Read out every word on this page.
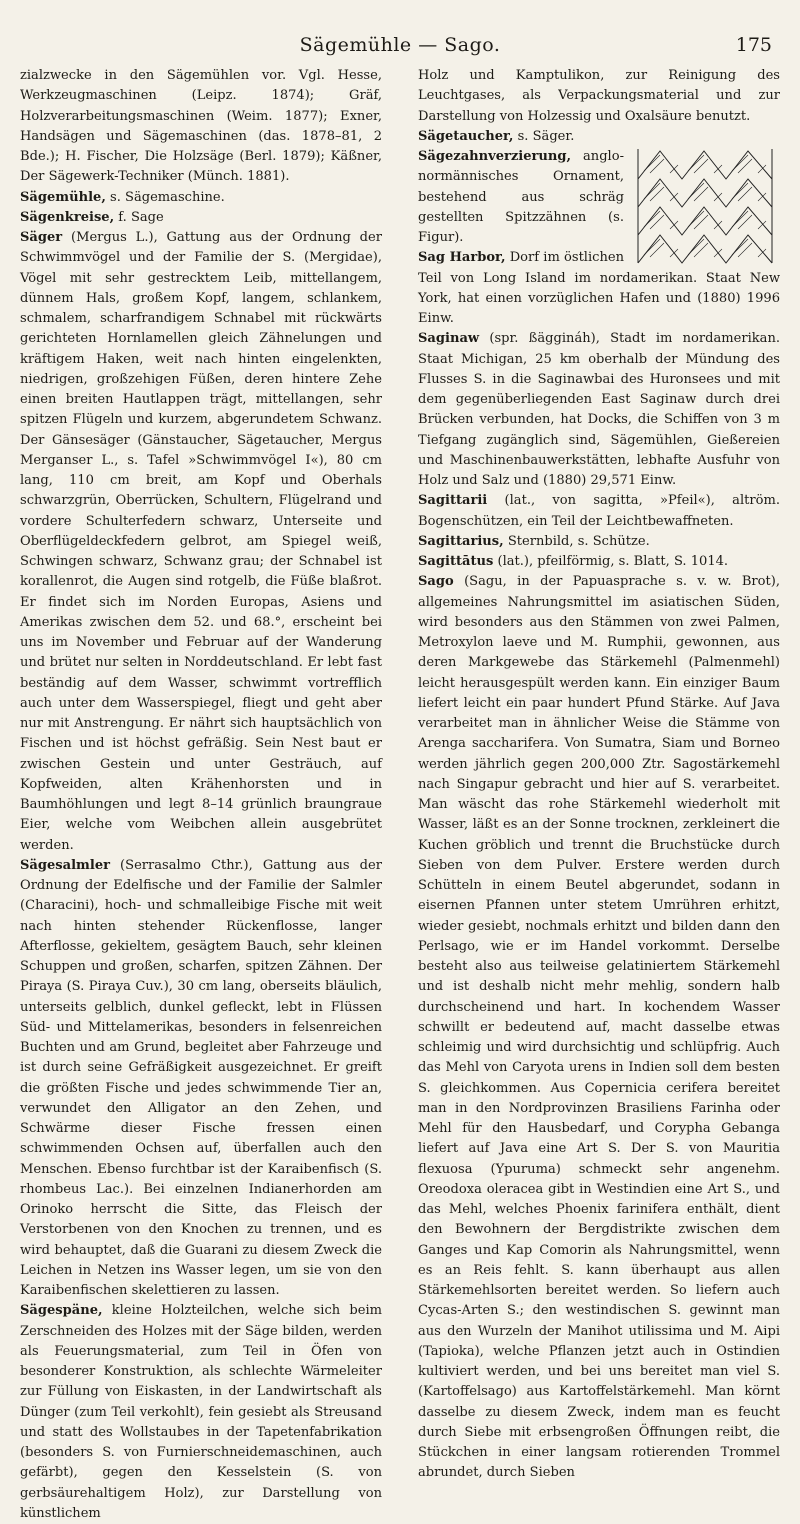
Sägemühle — Sago.	175

zialzwecke in den Sägemühlen vor. Vgl. Hesse, Werkzeugmaschinen (Leipz. 1874); Gräf, Holzverarbeitungsmaschinen (Weim. 1877); Exner, Handsägen und Sägemaschinen (das. 1878–81, 2 Bde.); H. Fischer, Die Holzsäge (Berl. 1879); Käßner, Der Sägewerk-Techniker (Münch. 1881).

Sägemühle, s. Sägemaschine.

Sägenkreise, f. Sage

Säger (Mergus L.), Gattung aus der Ordnung der Schwimmvögel und der Familie der S. (Mergidae), Vögel mit sehr gestrecktem Leib, mittellangem, dünnem Hals, großem Kopf, langem, schlankem, schmalem, scharfrandigem Schnabel mit rückwärts gerichteten Hornlamellen gleich Zähnelungen und kräftigem Haken, weit nach hinten eingelenkten, niedrigen, großzehigen Füßen, deren hintere Zehe einen breiten Hautlappen trägt, mittellangen, sehr spitzen Flügeln und kurzem, abgerundetem Schwanz. Der Gänsesäger (Gänstaucher, Sägetaucher, Mergus Merganser L., s. Tafel »Schwimmvögel I«), 80 cm lang, 110 cm breit, am Kopf und Oberhals schwarzgrün, Oberrücken, Schultern, Flügelrand und vordere Schulterfedern schwarz, Unterseite und Oberflügeldeckfedern gelbrot, am Spiegel weiß, Schwingen schwarz, Schwanz grau; der Schnabel ist korallenrot, die Augen sind rotgelb, die Füße blaßrot. Er findet sich im Norden Europas, Asiens und Amerikas zwischen dem 52. und 68.°, erscheint bei uns im November und Februar auf der Wanderung und brütet nur selten in Norddeutschland. Er lebt fast beständig auf dem Wasser, schwimmt vortrefflich auch unter dem Wasserspiegel, fliegt und geht aber nur mit Anstrengung. Er nährt sich hauptsächlich von Fischen und ist höchst gefräßig. Sein Nest baut er zwischen Gestein und unter Gesträuch, auf Kopfweiden, alten Krähenhorsten und in Baumhöhlungen und legt 8–14 grünlich braungraue Eier, welche vom Weibchen allein ausgebrütet werden.

Sägesalmler (Serrasalmo Cthr.), Gattung aus der Ordnung der Edelfische und der Familie der Salmler (Characini), hoch- und schmalleibige Fische mit weit nach hinten stehender Rückenflosse, langer Afterflosse, gekieltem, gesägtem Bauch, sehr kleinen Schuppen und großen, scharfen, spitzen Zähnen. Der Piraya (S. Piraya Cuv.), 30 cm lang, oberseits bläulich, unterseits gelblich, dunkel gefleckt, lebt in Flüssen Süd- und Mittelamerikas, besonders in felsenreichen Buchten und am Grund, begleitet aber Fahrzeuge und ist durch seine Gefräßigkeit ausgezeichnet. Er greift die größten Fische und jedes schwimmende Tier an, verwundet den Alligator an den Zehen, und Schwärme dieser Fische fressen einen schwimmenden Ochsen auf, überfallen auch den Menschen. Ebenso furchtbar ist der Karaibenfisch (S. rhombeus Lac.). Bei einzelnen Indianerhorden am Orinoko herrscht die Sitte, das Fleisch der Verstorbenen von den Knochen zu trennen, und es wird behauptet, daß die Guarani zu diesem Zweck die Leichen in Netzen ins Wasser legen, um sie von den Karaibenfischen skelettieren zu lassen.

Sägespäne, kleine Holzteilchen, welche sich beim Zerschneiden des Holzes mit der Säge bilden, werden als Feuerungsmaterial, zum Teil in Öfen von besonderer Konstruktion, als schlechte Wärmeleiter zur Füllung von Eiskasten, in der Landwirtschaft als Dünger (zum Teil verkohlt), fein gesiebt als Streusand und statt des Wollstaubes in der Tapetenfabrikation (besonders S. von Furnierschneidemaschinen, auch gefärbt), gegen den Kesselstein (S. von gerbsäurehaltigem Holz), zur Darstellung von künstlichem

Holz und Kamptulikon, zur Reinigung des Leuchtgases, als Verpackungsmaterial und zur Darstellung von Holzessig und Oxalsäure benutzt.

Sägetaucher, s. Säger.

Sägezahnverzierung, anglo-normännisches Ornament, bestehend aus schräg gestellten Spitzzähnen (s. Figur).

Sag Harbor, Dorf im östlichen Teil von Long Island im nordamerikan. Staat New York, hat einen vorzüglichen Hafen und (1880) 1996 Einw.

Saginaw (spr. ßäggináh), Stadt im nordamerikan. Staat Michigan, 25 km oberhalb der Mündung des Flusses S. in die Saginawbai des Huronsees und mit dem gegenüberliegenden East Saginaw durch drei Brücken verbunden, hat Docks, die Schiffen von 3 m Tiefgang zugänglich sind, Sägemühlen, Gießereien und Maschinenbauwerkstätten, lebhafte Ausfuhr von Holz und Salz und (1880) 29,571 Einw.

Sagittarii (lat., von sagitta, »Pfeil«), altröm. Bogenschützen, ein Teil der Leichtbewaffneten.

Sagittarius, Sternbild, s. Schütze.

Sagittātus (lat.), pfeilförmig, s. Blatt, S. 1014.

Sago (Sagu, in der Papuasprache s. v. w. Brot), allgemeines Nahrungsmittel im asiatischen Süden, wird besonders aus den Stämmen von zwei Palmen, Metroxylon laeve und M. Rumphii, gewonnen, aus deren Markgewebe das Stärkemehl (Palmenmehl) leicht herausgespült werden kann. Ein einziger Baum liefert leicht ein paar hundert Pfund Stärke. Auf Java verarbeitet man in ähnlicher Weise die Stämme von Arenga saccharifera. Von Sumatra, Siam und Borneo werden jährlich gegen 200,000 Ztr. Sagostärkemehl nach Singapur gebracht und hier auf S. verarbeitet. Man wäscht das rohe Stärkemehl wiederholt mit Wasser, läßt es an der Sonne trocknen, zerkleinert die Kuchen gröblich und trennt die Bruchstücke durch Sieben von dem Pulver. Erstere werden durch Schütteln in einem Beutel abgerundet, sodann in eisernen Pfannen unter stetem Umrühren erhitzt, wieder gesiebt, nochmals erhitzt und bilden dann den Perlsago, wie er im Handel vorkommt. Derselbe besteht also aus teilweise gelatiniertem Stärkemehl und ist deshalb nicht mehr mehlig, sondern halb durchscheinend und hart. In kochendem Wasser schwillt er bedeutend auf, macht dasselbe etwas schleimig und wird durchsichtig und schlüpfrig. Auch das Mehl von Caryota urens in Indien soll dem besten S. gleichkommen. Aus Copernicia cerifera bereitet man in den Nordprovinzen Brasiliens Farinha oder Mehl für den Hausbedarf, und Corypha Gebanga liefert auf Java eine Art S. Der S. von Mauritia flexuosa (Ypuruma) schmeckt sehr angenehm. Oreodoxa oleracea gibt in Westindien eine Art S., und das Mehl, welches Phoenix farinifera enthält, dient den Bewohnern der Bergdistrikte zwischen dem Ganges und Kap Comorin als Nahrungsmittel, wenn es an Reis fehlt. S. kann überhaupt aus allen Stärkemehlsorten bereitet werden. So liefern auch Cycas-Arten S.; den westindischen S. gewinnt man aus den Wurzeln der Manihot utilissima und M. Aipi (Tapioka), welche Pflanzen jetzt auch in Ostindien kultiviert werden, und bei uns bereitet man viel S. (Kartoffelsago) aus Kartoffelstärkemehl. Man körnt dasselbe zu diesem Zweck, indem man es feucht durch Siebe mit erbsengroßen Öffnungen reibt, die Stückchen in einer langsam rotierenden Trommel abrundet, durch Sieben
